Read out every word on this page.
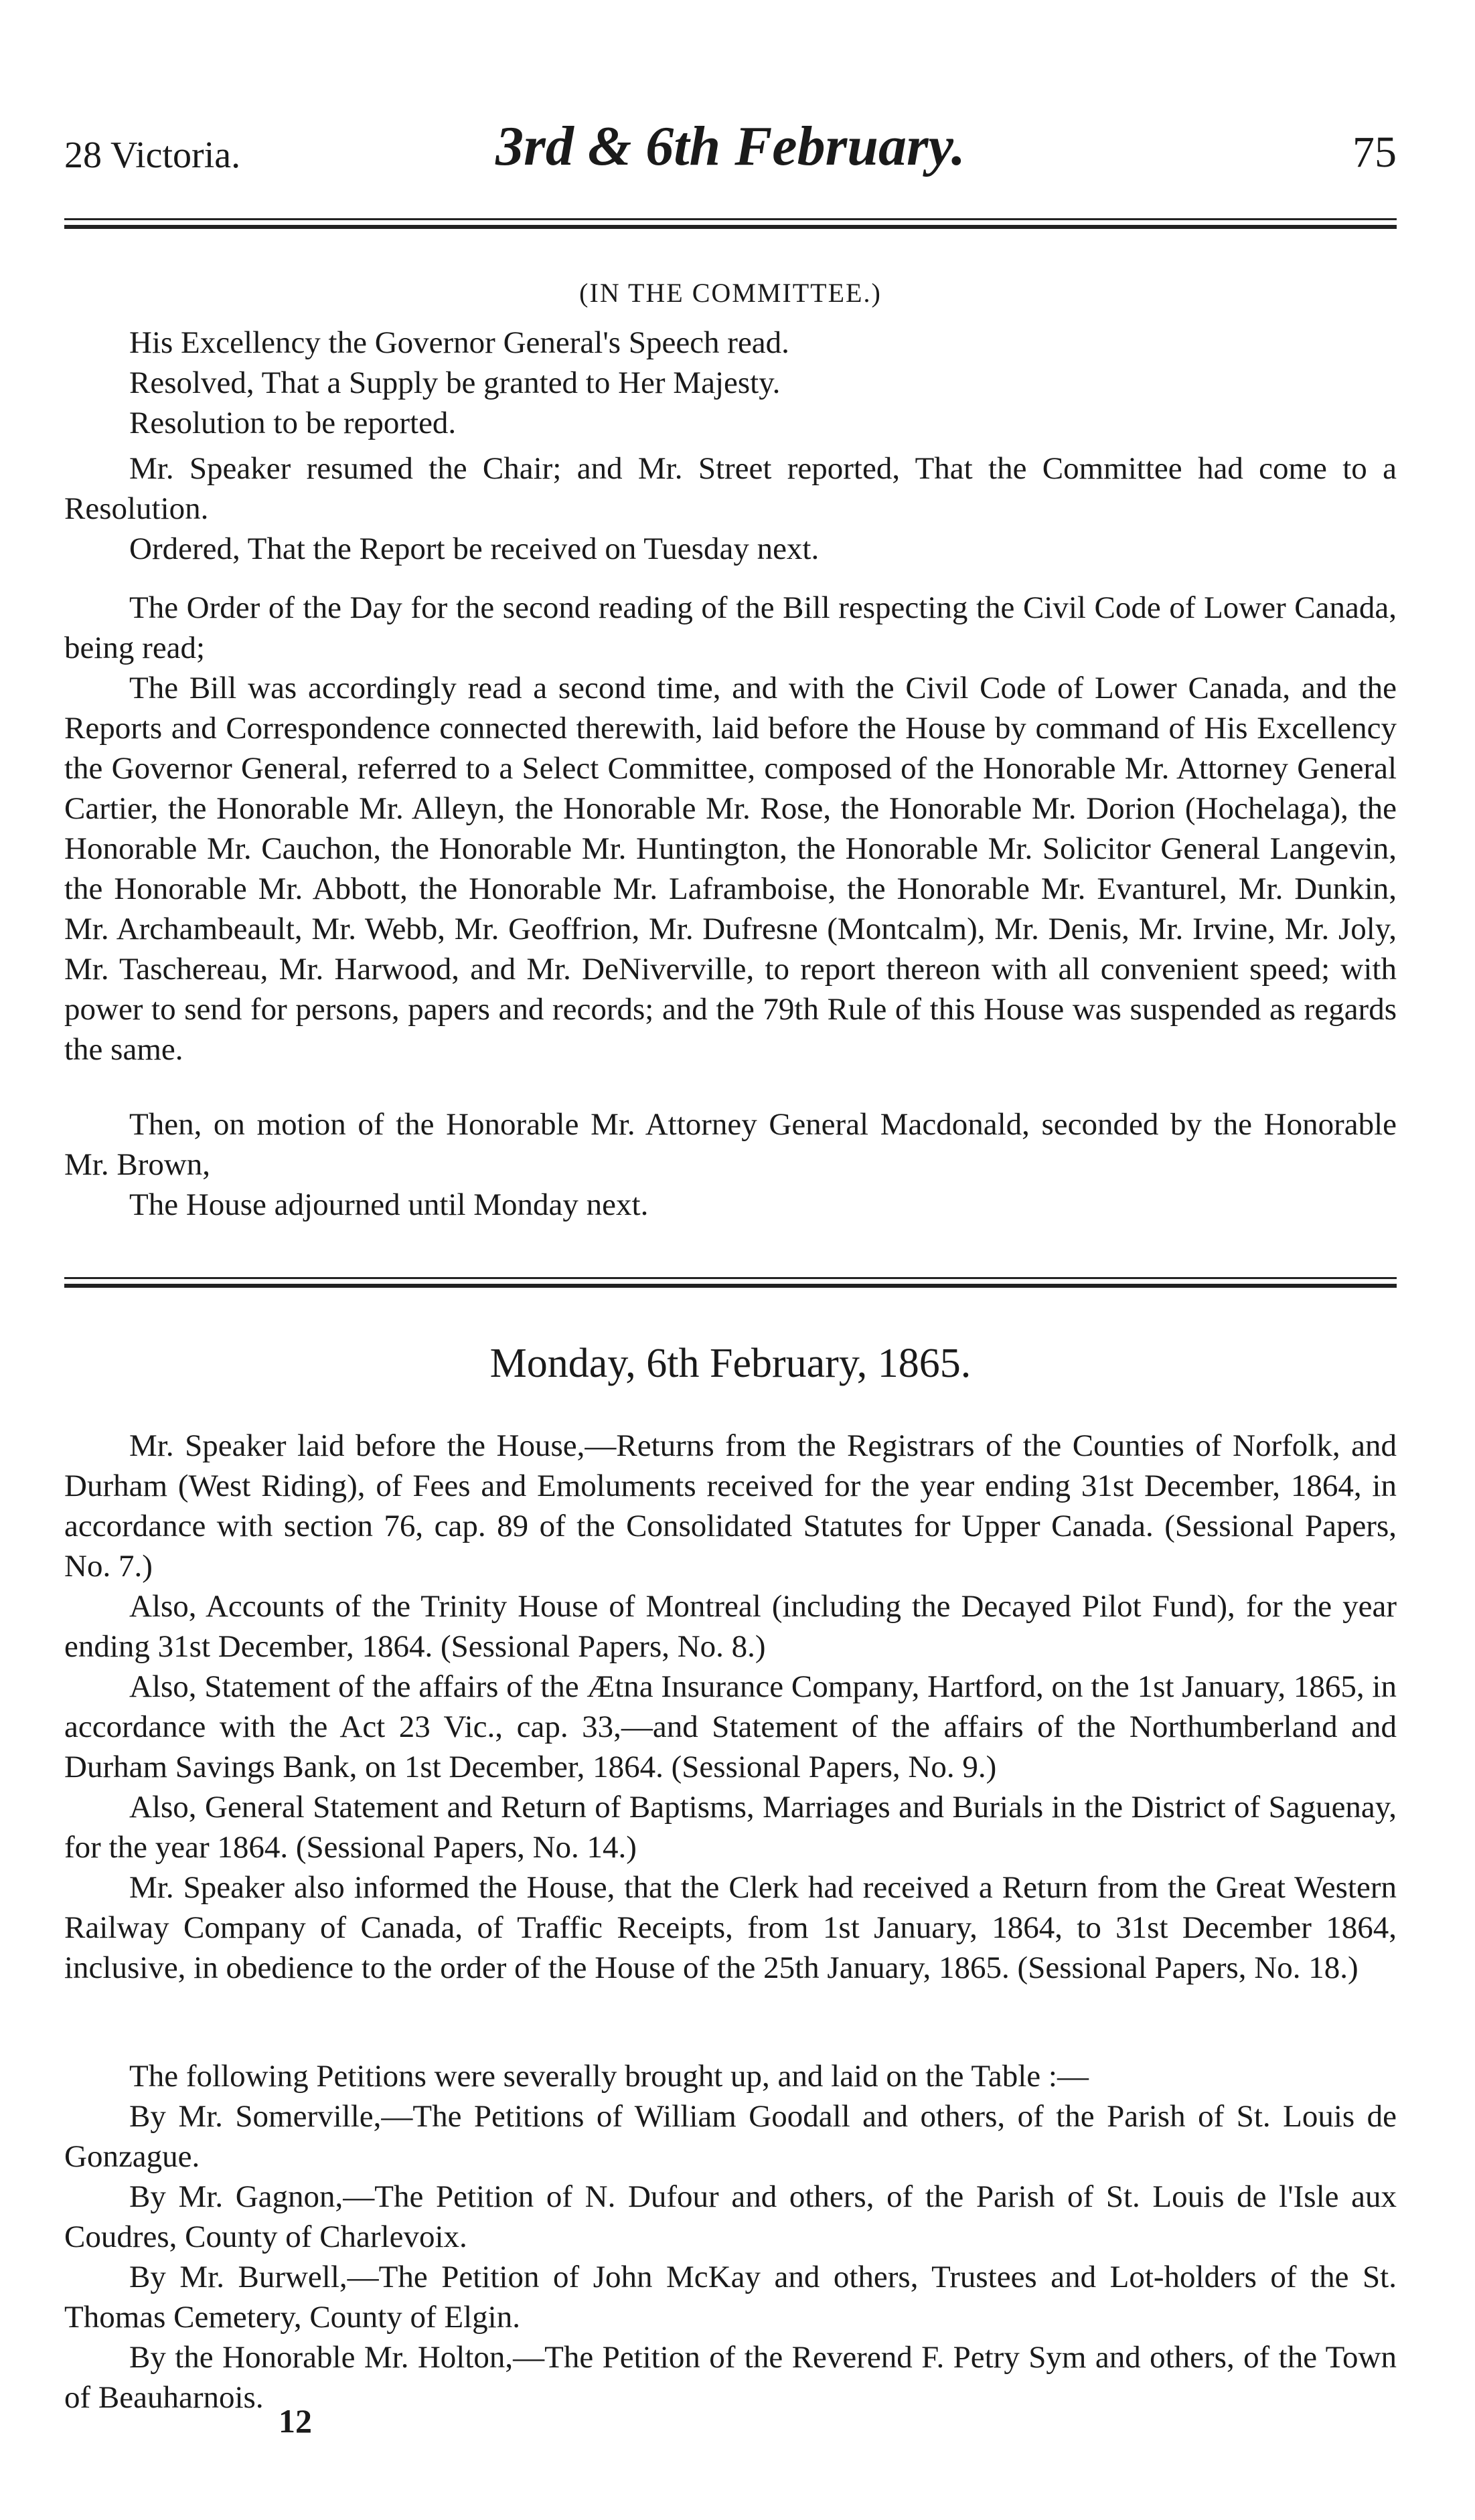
28 Victoria.	3rd & 6th February.	75

(IN THE COMMITTEE.)

His Excellency the Governor General's Speech read.

Resolved, That a Supply be granted to Her Majesty.

Resolution to be reported.

Mr. Speaker resumed the Chair; and Mr. Street reported, That the Committee had come to a Resolution.

Ordered, That the Report be received on Tuesday next.

The Order of the Day for the second reading of the Bill respecting the Civil Code of Lower Canada, being read;

The Bill was accordingly read a second time, and with the Civil Code of Lower Canada, and the Reports and Correspondence connected therewith, laid before the House by command of His Excellency the Governor General, referred to a Select Committee, composed of the Honorable Mr. Attorney General Cartier, the Honorable Mr. Alleyn, the Honorable Mr. Rose, the Honorable Mr. Dorion (Hochelaga), the Honorable Mr. Cauchon, the Honorable Mr. Huntington, the Honorable Mr. Solicitor General Langevin, the Honorable Mr. Abbott, the Honorable Mr. Laframboise, the Honorable Mr. Evanturel, Mr. Dunkin, Mr. Archambeault, Mr. Webb, Mr. Geoffrion, Mr. Dufresne (Montcalm), Mr. Denis, Mr. Irvine, Mr. Joly, Mr. Taschereau, Mr. Harwood, and Mr. DeNiverville, to report thereon with all convenient speed; with power to send for persons, papers and records; and the 79th Rule of this House was suspended as regards the same.

Then, on motion of the Honorable Mr. Attorney General Macdonald, seconded by the Honorable Mr. Brown,

The House adjourned until Monday next.

Monday, 6th February, 1865.

Mr. Speaker laid before the House,—Returns from the Registrars of the Counties of Norfolk, and Durham (West Riding), of Fees and Emoluments received for the year ending 31st December, 1864, in accordance with section 76, cap. 89 of the Consolidated Statutes for Upper Canada. (Sessional Papers, No. 7.)

Also, Accounts of the Trinity House of Montreal (including the Decayed Pilot Fund), for the year ending 31st December, 1864. (Sessional Papers, No. 8.)

Also, Statement of the affairs of the Ætna Insurance Company, Hartford, on the 1st January, 1865, in accordance with the Act 23 Vic., cap. 33,—and Statement of the affairs of the Northumberland and Durham Savings Bank, on 1st December, 1864. (Sessional Papers, No. 9.)

Also, General Statement and Return of Baptisms, Marriages and Burials in the District of Saguenay, for the year 1864. (Sessional Papers, No. 14.)

Mr. Speaker also informed the House, that the Clerk had received a Return from the Great Western Railway Company of Canada, of Traffic Receipts, from 1st January, 1864, to 31st December 1864, inclusive, in obedience to the order of the House of the 25th January, 1865. (Sessional Papers, No. 18.)

The following Petitions were severally brought up, and laid on the Table :—

By Mr. Somerville,—The Petitions of William Goodall and others, of the Parish of St. Louis de Gonzague.

By Mr. Gagnon,—The Petition of N. Dufour and others, of the Parish of St. Louis de l'Isle aux Coudres, County of Charlevoix.

By Mr. Burwell,—The Petition of John McKay and others, Trustees and Lot-holders of the St. Thomas Cemetery, County of Elgin.

By the Honorable Mr. Holton,—The Petition of the Reverend F. Petry Sym and others, of the Town of Beauharnois.

12
